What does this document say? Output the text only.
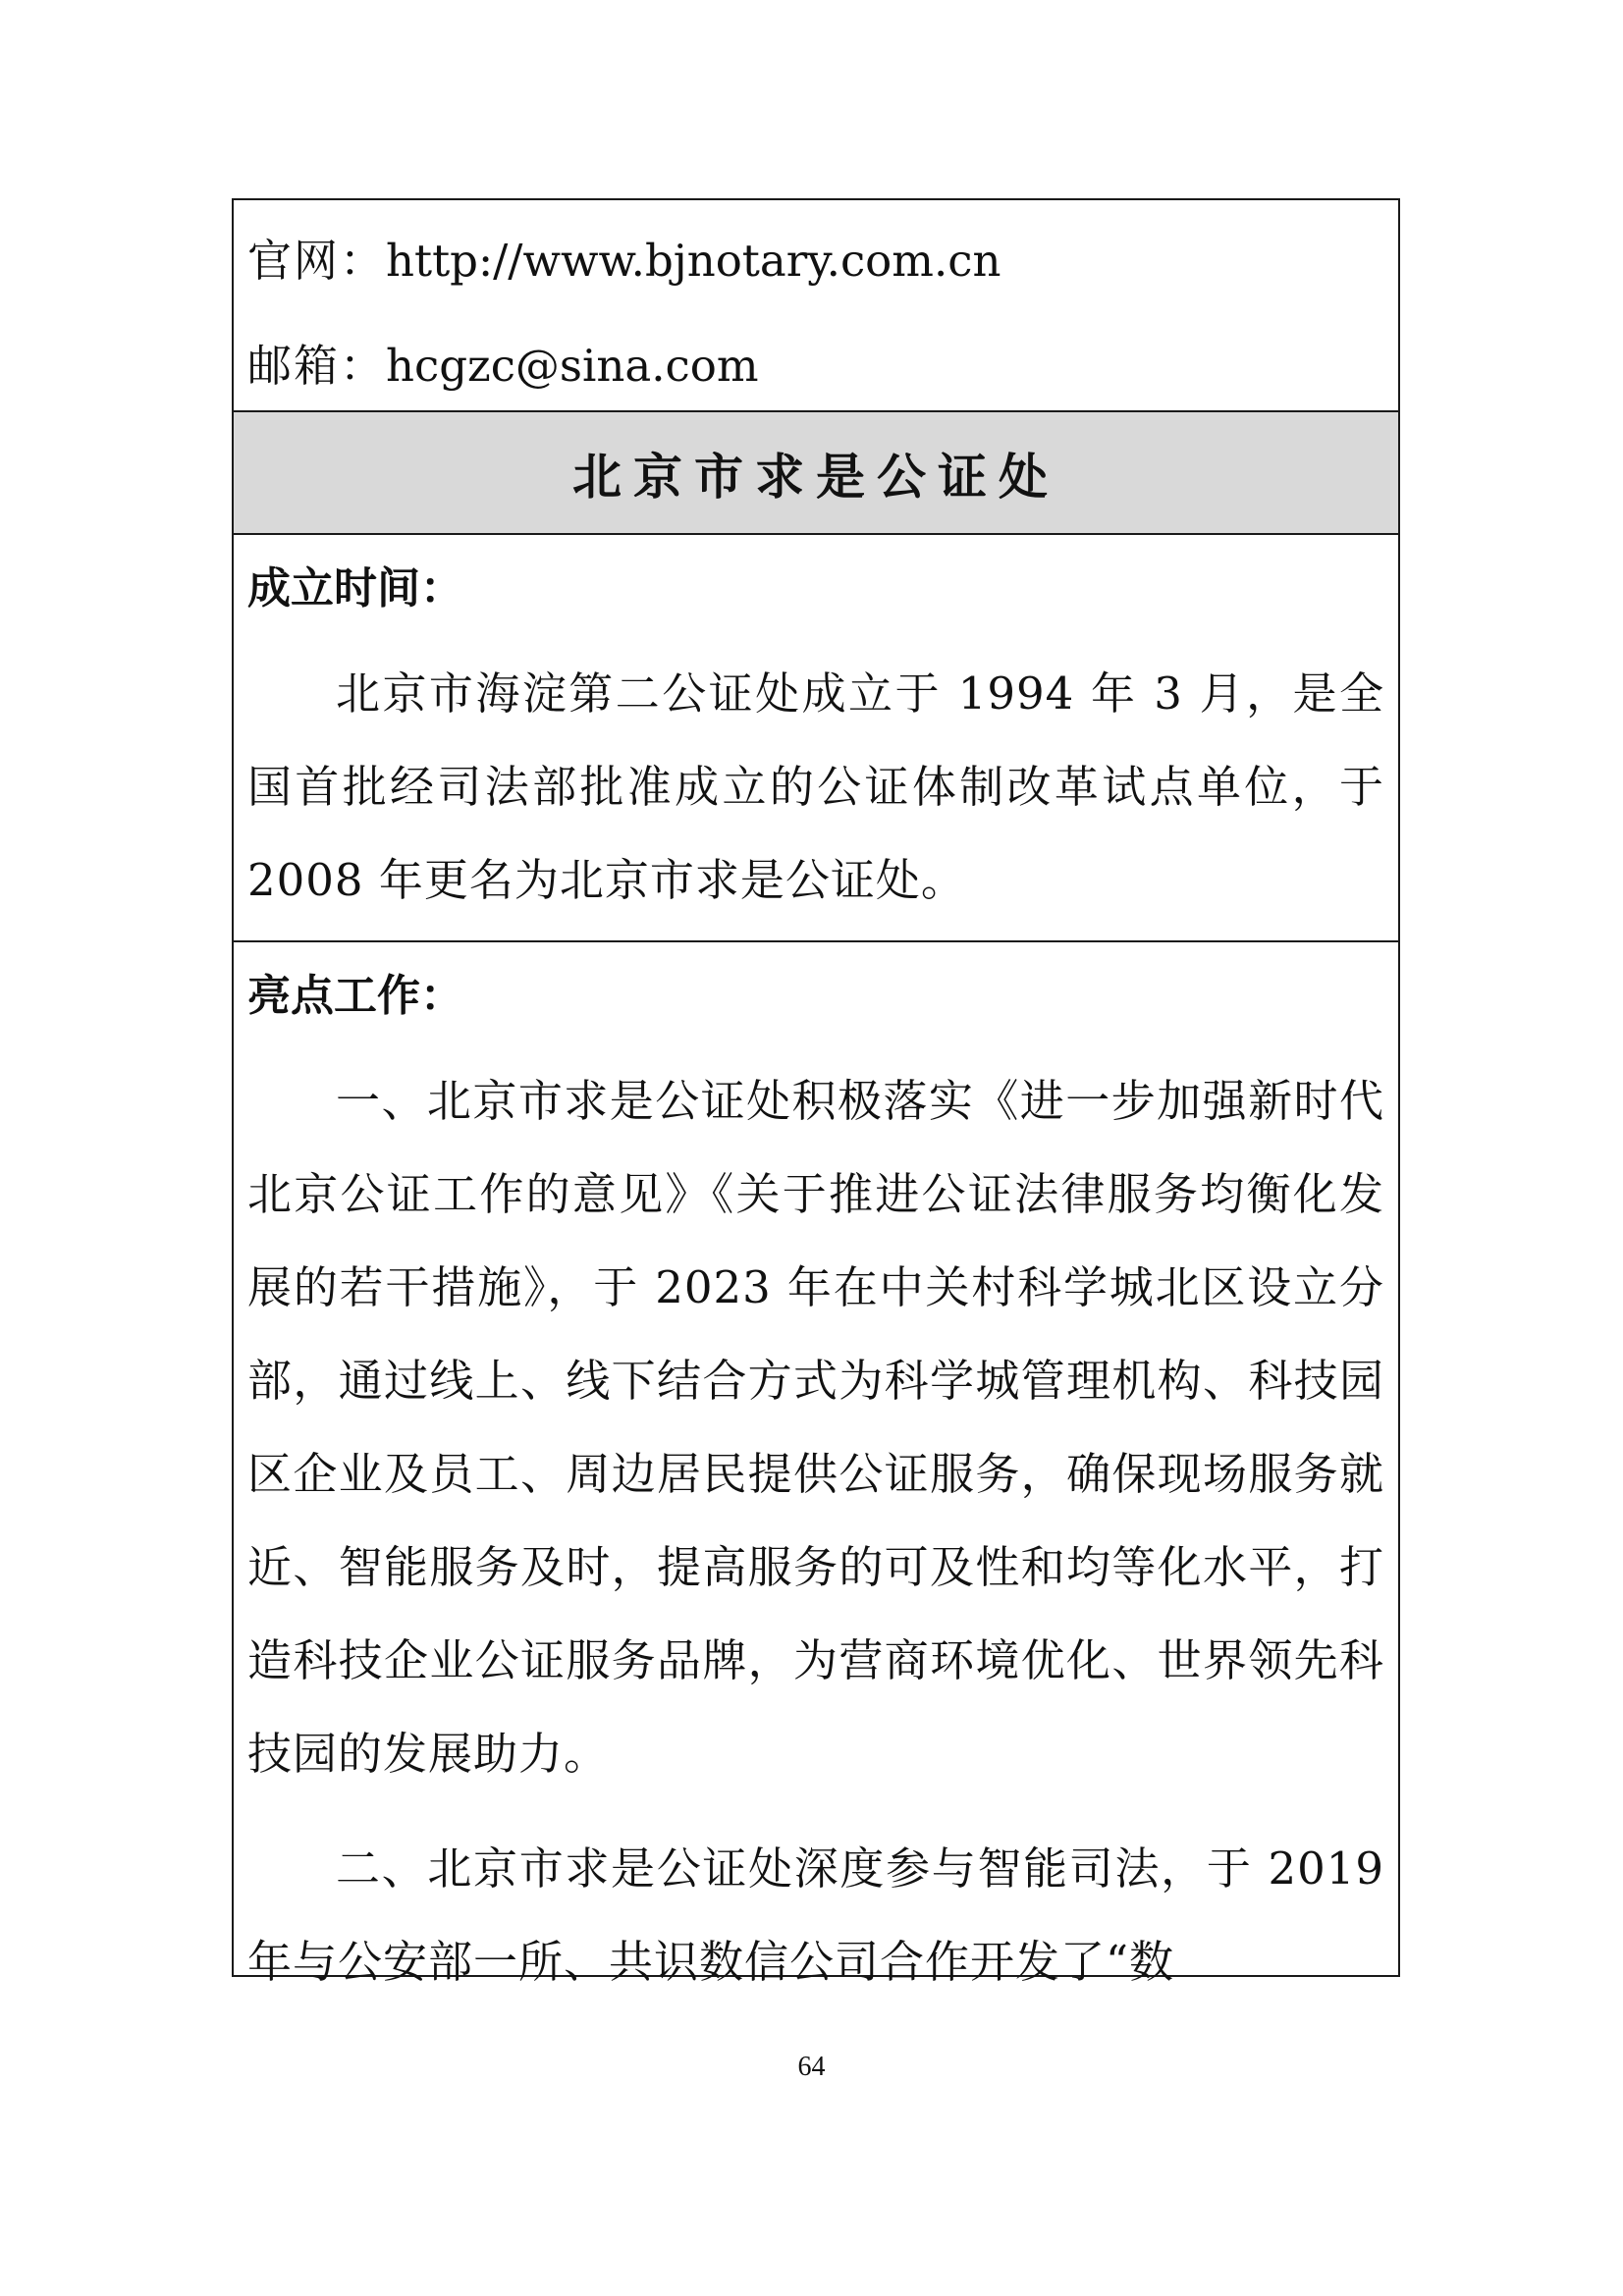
官网：http://www.bjnotary.com.cn
邮箱：hcgzc@sina.com
北京市求是公证处
成立时间：

北京市海淀第二公证处成立于 1994 年 3 月，是全国首批经司法部批准成立的公证体制改革试点单位，于 2008 年更名为北京市求是公证处。

亮点工作：

一、北京市求是公证处积极落实《进一步加强新时代北京公证工作的意见》《关于推进公证法律服务均衡化发展的若干措施》，于 2023 年在中关村科学城北区设立分部，通过线上、线下结合方式为科学城管理机构、科技园区企业及员工、周边居民提供公证服务，确保现场服务就近、智能服务及时，提高服务的可及性和均等化水平，打造科技企业公证服务品牌，为营商环境优化、世界领先科技园的发展助力。

二、北京市求是公证处深度参与智能司法，于 2019 年与公安部一所、共识数信公司合作开发了“数

64
